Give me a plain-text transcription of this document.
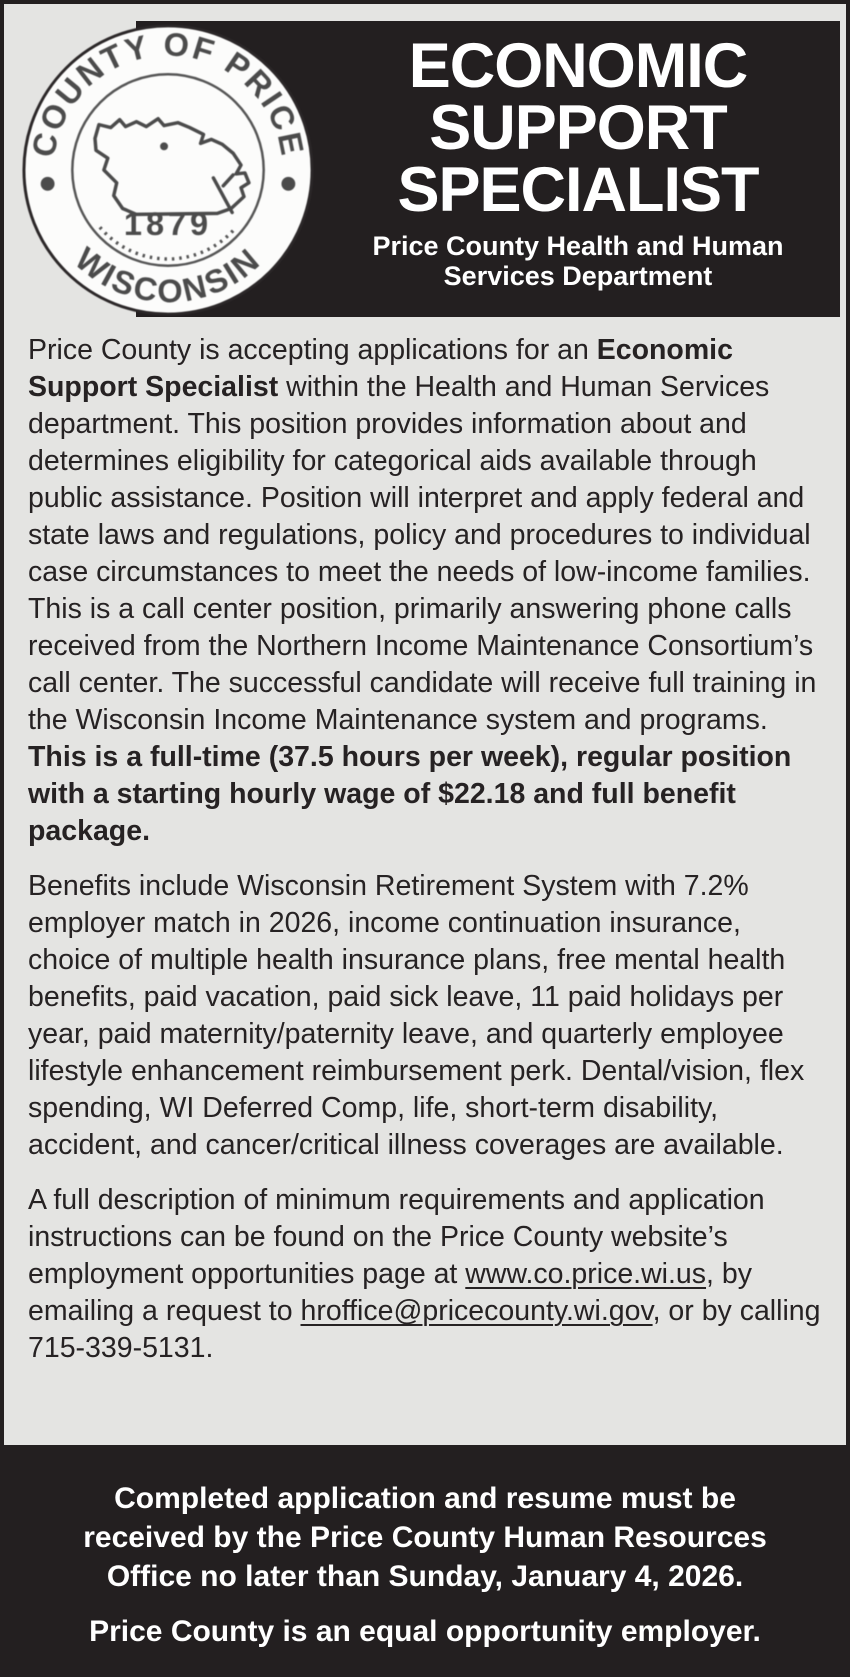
ECONOMIC
SUPPORT
SPECIALIST
Price County Health and Human Services Department
COUNTY OF PRICE
WISCONSIN
1879

Price County is accepting applications for an Economic Support Specialist within the Health and Human Services department. This position provides information about and determines eligibility for categorical aids available through public assistance. Position will interpret and apply federal and state laws and regulations, policy and procedures to individual case circumstances to meet the needs of low-income families. This is a call center position, primarily answering phone calls received from the Northern Income Maintenance Consortium’s call center. The successful candidate will receive full training in the Wisconsin Income Maintenance system and programs. This is a full-time (37.5 hours per week), regular position with a starting hourly wage of $22.18 and full benefit package.

Benefits include Wisconsin Retirement System with 7.2% employer match in 2026, income continuation insurance, choice of multiple health insurance plans, free mental health benefits, paid vacation, paid sick leave, 11 paid holidays per year, paid maternity/paternity leave, and quarterly employee lifestyle enhancement reimbursement perk. Dental/vision, flex spending, WI Deferred Comp, life, short-term disability, accident, and cancer/critical illness coverages are available.

A full description of minimum requirements and application instructions can be found on the Price County website’s employment opportunities page at www.co.price.wi.us, by emailing a request to hroffice@pricecounty.wi.gov, or by calling 715-339-5131.

Completed application and resume must be received by the Price County Human Resources Office no later than Sunday, January 4, 2026.

Price County is an equal opportunity employer.
